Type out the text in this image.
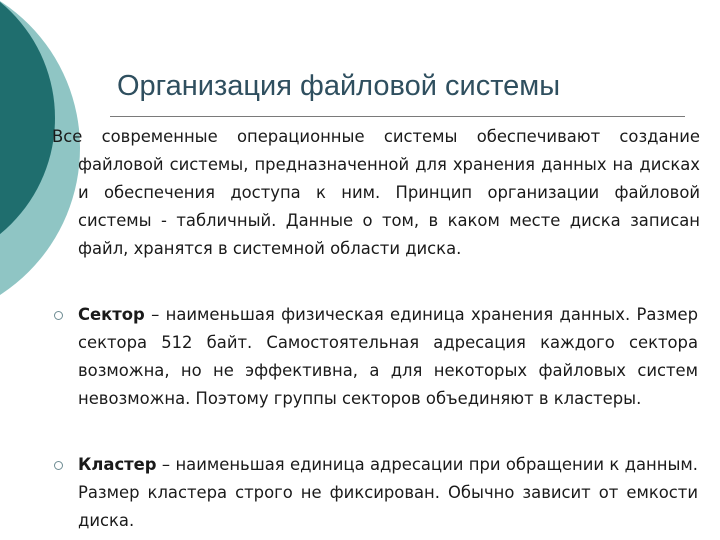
Организация файловой системы

Все современные операционные системы обеспечивают создание файловой системы, предназначенной для хранения данных на дисках и обеспечения доступа к ним. Принцип организации файловой системы - табличный. Данные о том, в каком месте диска записан файл, хранятся в системной области диска.

Сектор – наименьшая физическая единица хранения данных. Размер сектора 512 байт. Самостоятельная адресация каждого сектора возможна, но не эффективна, а для некоторых файловых систем невозможна. Поэтому группы секторов объединяют в кластеры.

Кластер – наименьшая единица адресации при обращении к данным. Размер кластера строго не фиксирован. Обычно зависит от емкости диска.
